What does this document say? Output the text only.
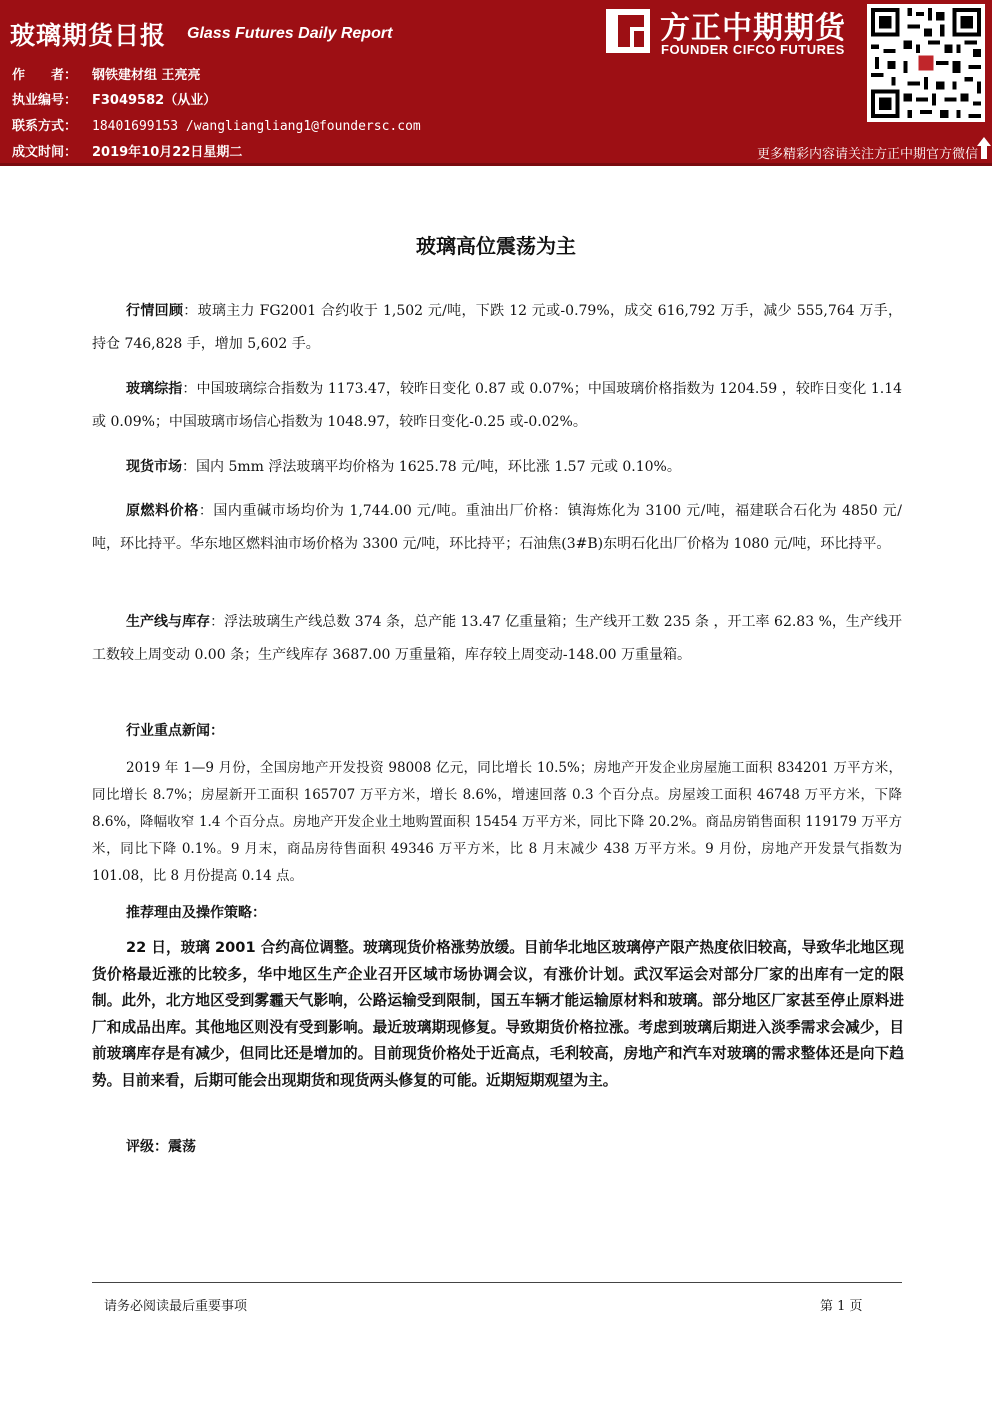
玻璃期货日报 Glass Futures Daily Report
作　　者： 钢铁建材组 王亮亮
执业编号： F3049582（从业）
联系方式： 18401699153 /wangliangliang1@foundersc.com
成文时间： 2019年10月22日星期二
方正中期期货
FOUNDER CIFCO FUTURES
更多精彩内容请关注方正中期官方微信
玻璃高位震荡为主
行情回顾：玻璃主力 FG2001 合约收于 1,502 元/吨，下跌 12 元或-0.79%，成交 616,792 万手，减少 555,764 万手，持仓 746,828 手，增加 5,602 手。
玻璃综指：中国玻璃综合指数为 1173.47，较昨日变化 0.87 或 0.07%；中国玻璃价格指数为 1204.59 ，较昨日变化 1.14 或 0.09%；中国玻璃市场信心指数为 1048.97，较昨日变化-0.25 或-0.02%。
现货市场：国内 5mm 浮法玻璃平均价格为 1625.78 元/吨，环比涨 1.57 元或 0.10%。
原燃料价格：国内重碱市场均价为 1,744.00 元/吨。重油出厂价格：镇海炼化为 3100 元/吨，福建联合石化为 4850 元/吨，环比持平。华东地区燃料油市场价格为 3300 元/吨，环比持平；石油焦(3#B)东明石化出厂价格为 1080 元/吨，环比持平。
生产线与库存：浮法玻璃生产线总数 374 条，总产能 13.47 亿重量箱；生产线开工数 235 条 ，开工率 62.83 %，生产线开工数较上周变动 0.00 条；生产线库存 3687.00 万重量箱，库存较上周变动-148.00 万重量箱。
行业重点新闻：
2019 年 1—9 月份，全国房地产开发投资 98008 亿元，同比增长 10.5%；房地产开发企业房屋施工面积 834201 万平方米，同比增长 8.7%；房屋新开工面积 165707 万平方米，增长 8.6%，增速回落 0.3 个百分点。房屋竣工面积 46748 万平方米，下降 8.6%，降幅收窄 1.4 个百分点。房地产开发企业土地购置面积 15454 万平方米，同比下降 20.2%。商品房销售面积 119179 万平方米，同比下降 0.1%。9 月末，商品房待售面积 49346 万平方米，比 8 月末减少 438 万平方米。9 月份，房地产开发景气指数为 101.08，比 8 月份提高 0.14 点。
推荐理由及操作策略：
22 日，玻璃 2001 合约高位调整。玻璃现货价格涨势放缓。目前华北地区玻璃停产限产热度依旧较高，导致华北地区现货价格最近涨的比较多，华中地区生产企业召开区域市场协调会议，有涨价计划。武汉军运会对部分厂家的出库有一定的限制。此外，北方地区受到雾霾天气影响，公路运输受到限制，国五车辆才能运输原材料和玻璃。部分地区厂家甚至停止原料进厂和成品出库。其他地区则没有受到影响。最近玻璃期现修复。导致期货价格拉涨。考虑到玻璃后期进入淡季需求会减少，目前玻璃库存是有减少，但同比还是增加的。目前现货价格处于近高点，毛利较高，房地产和汽车对玻璃的需求整体还是向下趋势。目前来看，后期可能会出现期货和现货两头修复的可能。近期短期观望为主。
评级：震荡
请务必阅读最后重要事项	第 1 页
